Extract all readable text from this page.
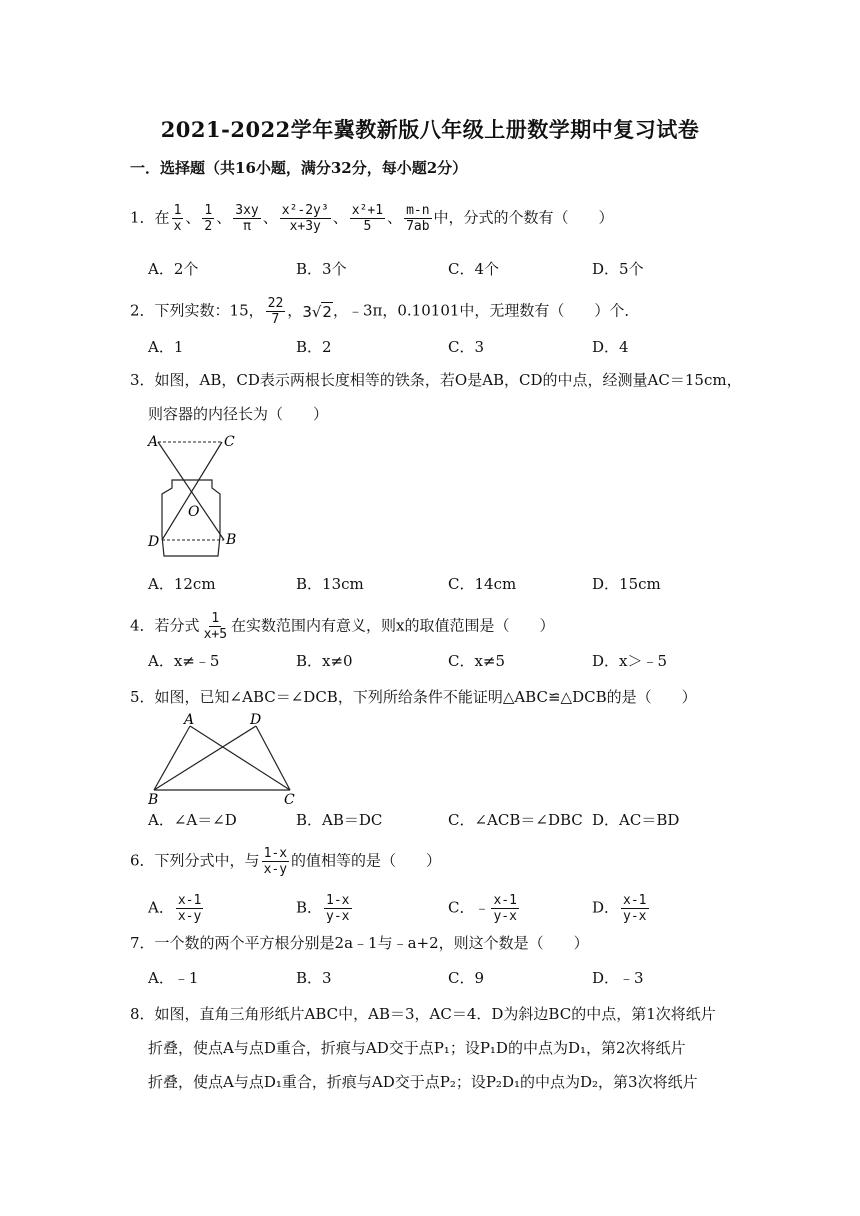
2021-2022学年冀教新版八年级上册数学期中复习试卷
一．选择题（共16小题，满分32分，每小题2分）
1．在 $\frac{1}{x}$ 、 $\frac{1}{2}$ 、 $\frac{3xy}{\pi}$ 、 $\frac{\text{x²-2y³}}{x+3y}$ 、 $\frac{\text{x²+1}}{5}$ 、 $\frac{m-n}{7ab}$ 中，分式的个数有（　　）
A．2个	B．3个	C．4个	D．5个
2．下列实数：15， $\frac{22}{7}$ ，3√2，﹣3π，0.10101中，无理数有（　　）个．
A．1	B．2	C．3	D．4
3．如图，AB，CD表示两根长度相等的铁条，若O是AB，CD的中点，经测量AC＝15cm，
则容器的内径长为（　　）
A	C
O
D	B
A．12cm	B．13cm	C．14cm	D．15cm
4．若分式 $\frac{1}{x+5}$ 在实数范围内有意义，则x的取值范围是（　　）
A．x≠﹣5	B．x≠0	C．x≠5	D．x＞﹣5
5．如图，已知∠ABC＝∠DCB，下列所给条件不能证明△ABC≌△DCB的是（　　）
A	D
B	C
A．∠A＝∠D	B．AB＝DC	C．∠ACB＝∠DBC D．AC＝BD
6．下列分式中，与 $\frac{1-x}{x-y}$ 的值相等的是（　　）
A． $\frac{x-1}{x-y}$	B． $\frac{1-x}{y-x}$	C．﹣ $\frac{x-1}{y-x}$	D． $\frac{x-1}{y-x}$
7．一个数的两个平方根分别是2a﹣1与﹣a+2，则这个数是（　　）
A．﹣1	B．3	C．9	D．﹣3
8．如图，直角三角形纸片ABC中，AB＝3，AC＝4．D为斜边BC的中点，第1次将纸片
折叠，使点A与点D重合，折痕与AD交于点P₁；设P₁D的中点为D₁，第2次将纸片
折叠，使点A与点D₁重合，折痕与AD交于点P₂；设P₂D₁的中点为D₂，第3次将纸片
